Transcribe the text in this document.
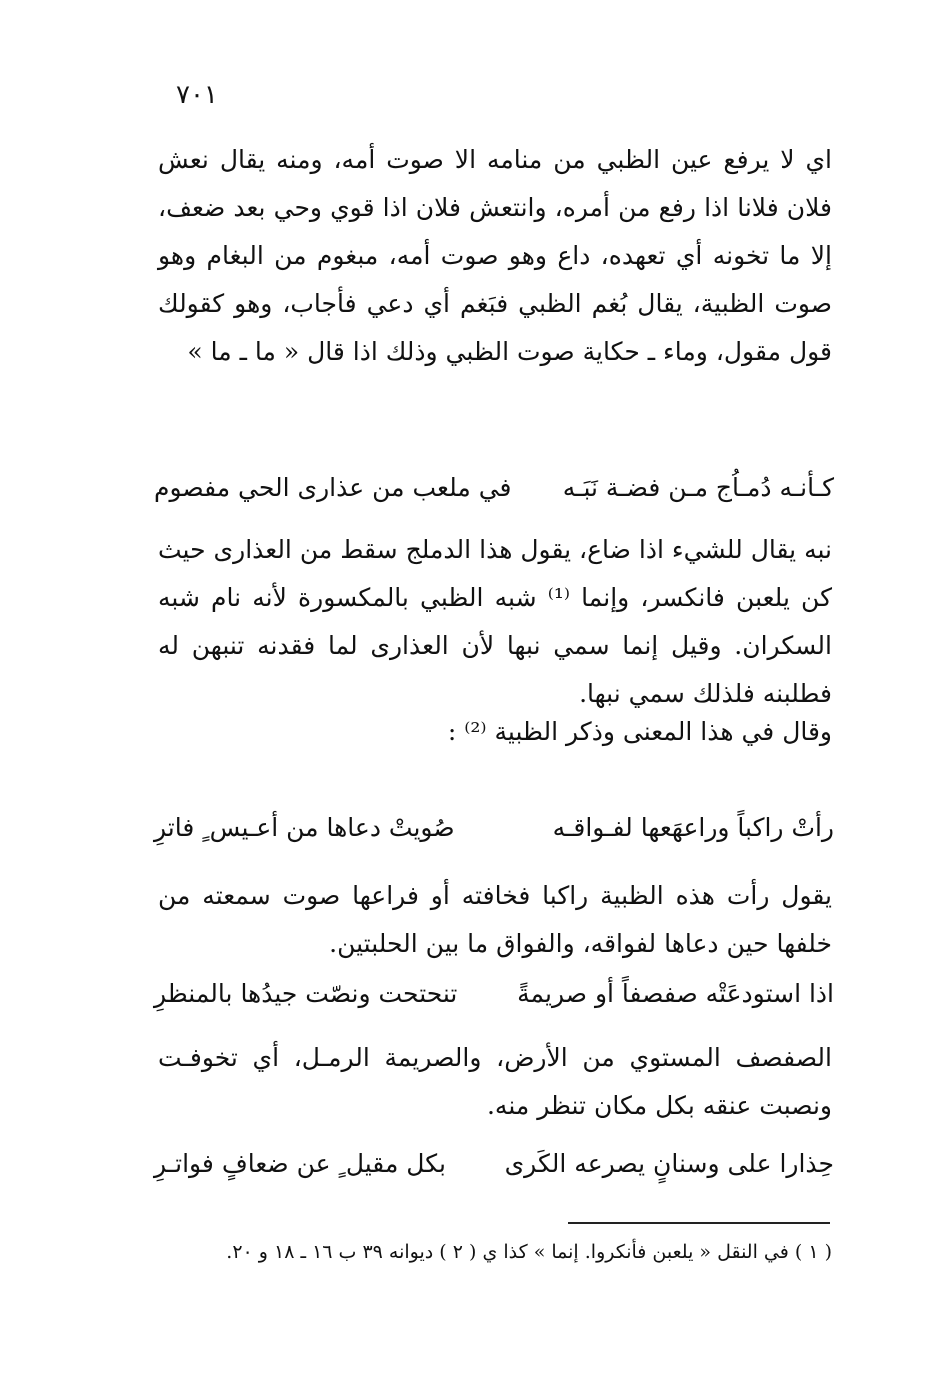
٧٠١

اي لا يرفع عين الظبي من منامه الا صوت أمه، ومنه يقال نعش فلان فلانا اذا رفع من أمره، وانتعش فلان اذا قوي وحي بعد ضعف، إلا ما تخونه أي تعهده، داع وهو صوت أمه، مبغوم من البغام وهو صوت الظبية، يقال بُغم الظبي فبَغم أي دعي فأجاب، وهو كقولك قول مقول، وماء ـ حكاية صوت الظبي وذلك اذا قال « ما ـ ما »

كـأنـه دُمـاُج مـن فضـة نَبَـه
في ملعب من عذارى الحي مفصوم

نبه يقال للشيء اذا ضاع، يقول هذا الدملج سقط من العذارى حيث كن يلعبن فانكسر، وإنما ⁽¹⁾ شبه الظبي بالمكسورة لأنه نام شبه السكران. وقيل إنما سمي نبها لأن العذارى لما فقدنه تنبهن له فطلبنه فلذلك سمي نبها.

وقال في هذا المعنى وذكر الظبية ⁽²⁾ :

رأتْ راكباً وراعهَعها لفـواقـه
صُويتْ دعاها من أعـيس ٍ فاترِ

يقول رأت هذه الظبية راكبا فخافته أو فراعها صوت سمعته من خلفها حين دعاها لفواقه، والفواق ما بين الحلبتين.

اذا استودعَتْه صفصفاً أو صريمةً
تنحتحت ونصّت جيدُها بالمنظرِ

الصفصف المستوي من الأرض، والصريمة الرمـل، أي تخوفـت ونصبت عنقه بكل مكان تنظر منه.

حِذارا على وسنانٍ يصرعه الكَرى
بكل مقيل ٍ عن ضعافٍ فواتـرِ
( ١ ) في النقل « يلعبن فأنكروا. إنما » كذا ي ( ٢ ) ديوانه ٣٩ ب ١٦ ـ ١٨ و ٢٠.
